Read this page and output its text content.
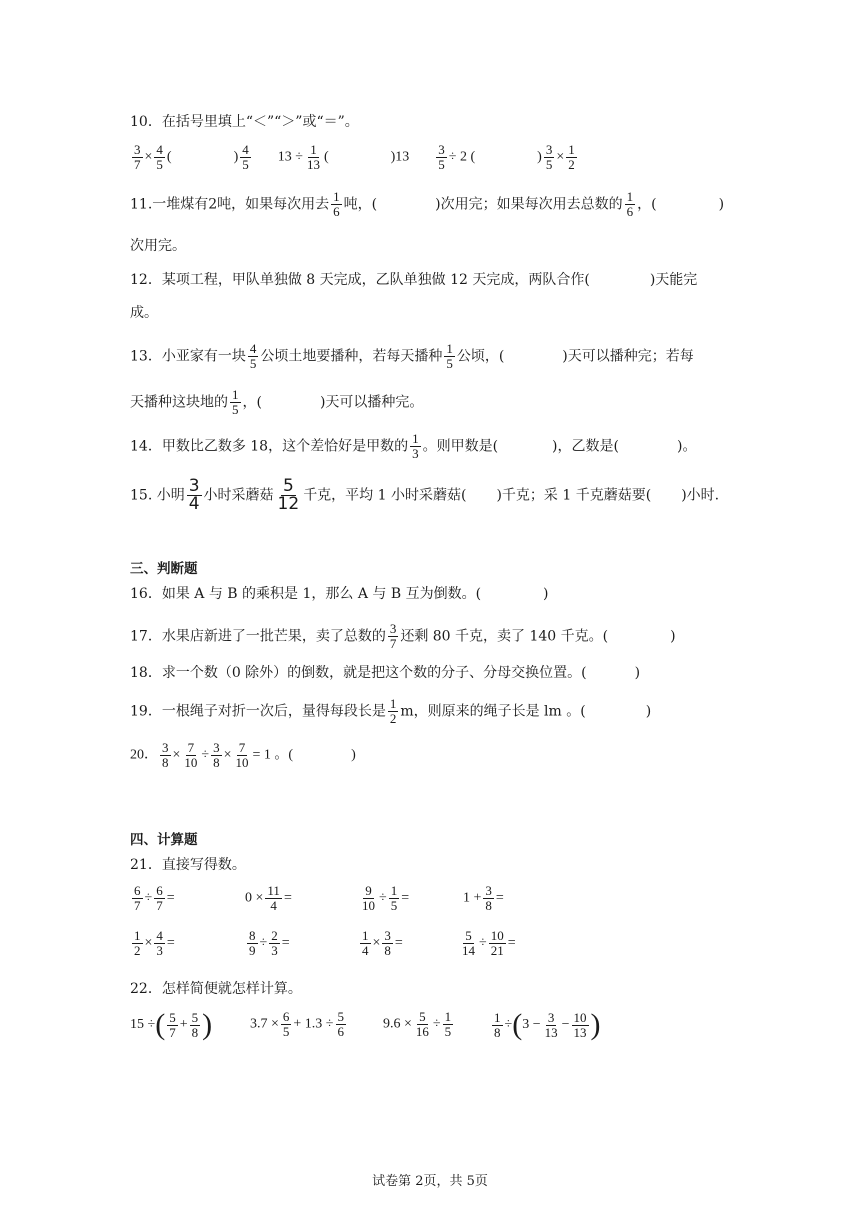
10．在括号里填上“＜”“＞”或“＝”。
$\frac{3}{7} \times \frac{4}{5}$ (	) $\frac{4}{5} 13 \div \frac{1}{13}$ (	)$13 \frac{3}{5} \div 2$ (	) $\frac{3}{5} \times \frac{1}{2}$
11.一堆煤有2吨，如果每次用去 $\frac{1}{6}$ 吨，(	)次用完；如果每次用去总数的 $\frac{1}{6}$ ，(	)
次用完。
12．某项工程，甲队单独做 8 天完成，乙队单独做 12 天完成，两队合作(	)天能完
成。
13．小亚家有一块 $\frac{4}{5}$ 公顷土地要播种，若每天播种 $\frac{1}{5}$ 公顷，(	)天可以播种完；若每
天播种这块地的 $\frac{1}{5}$ ，(	)天可以播种完。
14．甲数比乙数多 18，这个差恰好是甲数的 $\frac{1}{3}$ 。则甲数是(	)，乙数是(	)。
15. 小明 $\frac{3}{4}$ 小时采蘑菇 $\frac{5}{12}$ 千克，平均 1 小时采蘑菇( )千克；采 1 千克蘑菇要( )小时.
三、判断题
16．如果 A 与 B 的乘积是 1，那么 A 与 B 互为倒数。(	)
17．水果店新进了一批芒果，卖了总数的 $\frac{3}{7}$ 还剩 80 千克，卖了 140 千克。(	)
18．求一个数（0 除外）的倒数，就是把这个数的分子、分母交换位置。(	)
19．一根绳子对折一次后，量得每段长是 $\frac{1}{2}$ m，则原来的绳子长是 lm 。(	)
20． $\frac{3}{8} \times \frac{7}{10} \div \frac{3}{8} \times \frac{7}{10} = 1$ 。(	)
四、计算题
21．直接写得数。
$\frac{6}{7} \div \frac{6}{7}$ =	$0 \times \frac{11}{4}$ =	$\frac{9}{10} \div \frac{1}{5}$ =	$1 + \frac{3}{8}$ =
$\frac{1}{2} \times \frac{4}{3}$ =	$\frac{8}{9} \div \frac{2}{3}$ =	$\frac{1}{4} \times \frac{3}{8}$ =	$\frac{5}{14} \div \frac{10}{21}$ =
22．怎样简便就怎样计算。
15 ÷( $\frac{5}{7} + \frac{5}{8}$ )	$3.7 \times \frac{6}{5} + 1.3 \div \frac{5}{6}$	$9.6 \times \frac{5}{16} \div \frac{1}{5}$	$\frac{1}{8} \div(3 - \frac{3}{13} - \frac{10}{13}$ )
试卷第 2页，共 5页
